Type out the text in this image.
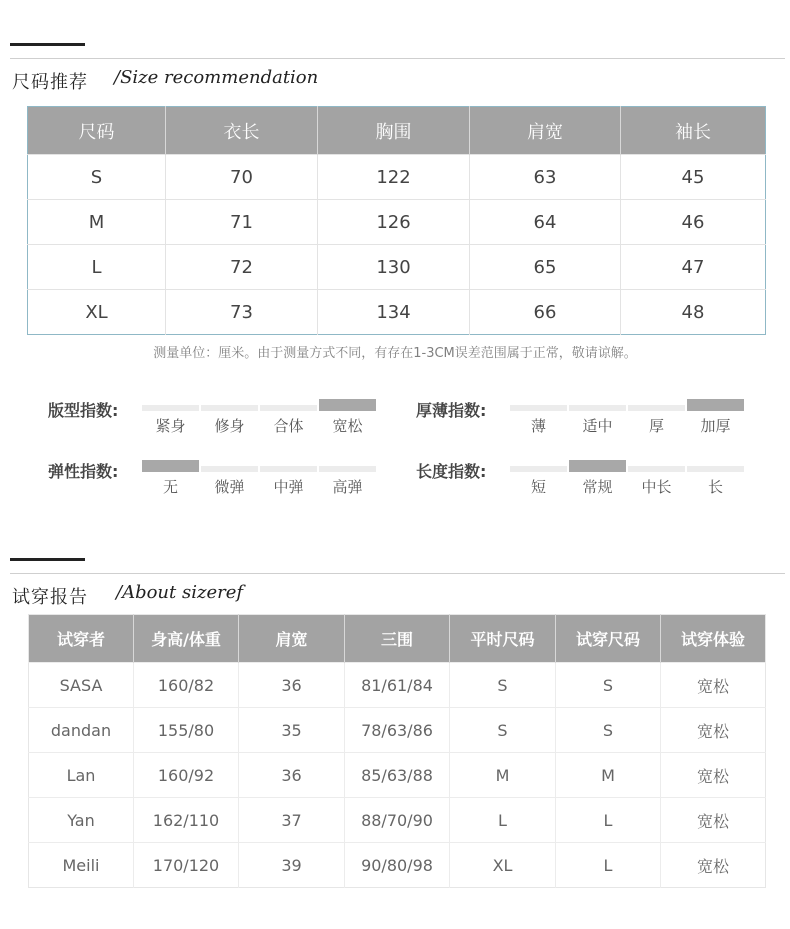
尺码推荐 /Size recommendation
尺码	衣长	胸围	肩宽	袖长
S	70	122	63	45
M	71	126	64	46
L	72	130	65	47
XL	73	134	66	48
测量单位：厘米。由于测量方式不同，有存在1-3CM误差范围属于正常，敬请谅解。
版型指数:
紧身	修身	合体	宽松
厚薄指数:
薄	适中	厚	加厚
弹性指数:
无	微弹	中弹	高弹
长度指数:
短	常规	中长	长
试穿报告 /About sizeref
试穿者	身高/体重	肩宽	三围	平时尺码	试穿尺码	试穿体验
SASA	160/82	36	81/61/84	S	S	宽松
dandan	155/80	35	78/63/86	S	S	宽松
Lan	160/92	36	85/63/88	M	M	宽松
Yan	162/110	37	88/70/90	L	L	宽松
Meili	170/120	39	90/80/98	XL	L	宽松
